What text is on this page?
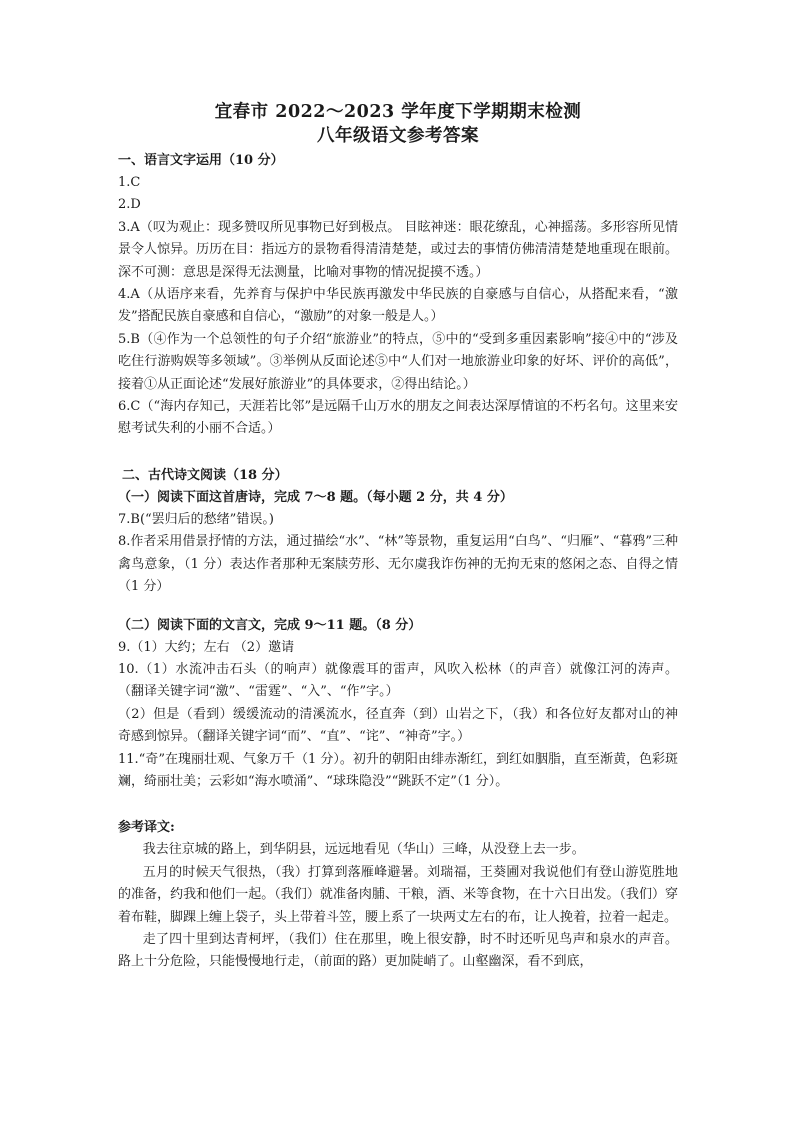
宜春市 2022～2023 学年度下学期期末检测
八年级语文参考答案
一、语言文字运用（10 分）

1.C

2.D

3.A（叹为观止：现多赞叹所见事物已好到极点。 目眩神迷：眼花缭乱，心神摇荡。多形容所见情景令人惊异。历历在目：指远方的景物看得清清楚楚，或过去的事情仿佛清清楚楚地重现在眼前。深不可测：意思是深得无法测量，比喻对事物的情况捉摸不透。）

4.A（从语序来看，先养育与保护中华民族再激发中华民族的自豪感与自信心，从搭配来看，“激发”搭配民族自豪感和自信心，“激励”的对象一般是人。）

5.B（④作为一个总领性的句子介绍“旅游业”的特点，⑤中的“受到多重因素影响”接④中的“涉及吃住行游购娱等多领域”。③举例从反面论述⑤中“人们对一地旅游业印象的好坏、评价的高低”，接着①从正面论述“发展好旅游业”的具体要求，②得出结论。）

6.C（“海内存知己，天涯若比邻”是远隔千山万水的朋友之间表达深厚情谊的不朽名句。这里来安慰考试失利的小丽不合适。）

二、古代诗文阅读（18 分）
（一）阅读下面这首唐诗，完成 7～8 题。（每小题 2 分，共 4 分）

7.B(“罢归后的愁绪”错误。)

8.作者采用借景抒情的方法，通过描绘“水”、“林”等景物，重复运用“白鸟”、“归雁”、“暮鸦”三种禽鸟意象，（1 分）表达作者那种无案牍劳形、无尔虞我诈伤神的无拘无束的悠闲之态、自得之情（1 分）

（二）阅读下面的文言文，完成 9～11 题。（8 分）

9.（1）大约；左右 （2）邀请

10.（1）水流冲击石头（的响声）就像震耳的雷声，风吹入松林（的声音）就像江河的涛声。 （翻译关键字词“激”、“雷霆”、“入”、“作”字。）

（2）但是（看到）缓缓流动的清溪流水，径直奔（到）山岩之下，（我）和各位好友都对山的神奇感到惊异。（翻译关键字词“而”、“直”、“诧”、“神奇”字。）

11.“奇”在瑰丽壮观、气象万千（1 分）。初升的朝阳由绯赤渐红，到红如胭脂，直至渐黄，色彩斑斓，绮丽壮美；云彩如“海水喷涌”、“球珠隐没”“跳跃不定”（1 分）。

参考译文:

我去往京城的路上，到华阴县，远远地看见（华山）三峰，从没登上去一步。

五月的时候天气很热，（我）打算到落雁峰避暑。刘瑞福，王葵圃对我说他们有登山游览胜地的准备，约我和他们一起。（我们）就准备肉脯、干粮，酒、米等食物，在十六日出发。（我们）穿着布鞋，脚踝上缠上袋子，头上带着斗笠，腰上系了一块两丈左右的布，让人挽着，拉着一起走。

走了四十里到达青柯坪，（我们）住在那里，晚上很安静，时不时还听见鸟声和泉水的声音。路上十分危险，只能慢慢地行走，（前面的路）更加陡峭了。山壑幽深，看不到底，
